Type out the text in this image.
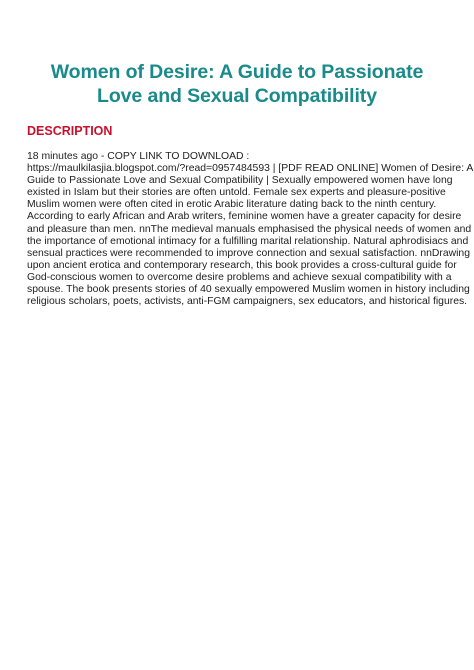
Women of Desire: A Guide to Passionate
Love and Sexual Compatibility
DESCRIPTION
18 minutes ago - COPY LINK TO DOWNLOAD :
https://maulkilasjia.blogspot.com/?read=0957484593 | [PDF READ ONLINE] Women of Desire: A
Guide to Passionate Love and Sexual Compatibility | Sexually empowered women have long
existed in Islam but their stories are often untold. Female sex experts and pleasure-positive
Muslim women were often cited in erotic Arabic literature dating back to the ninth century.
According to early African and Arab writers, feminine women have a greater capacity for desire
and pleasure than men. nnThe medieval manuals emphasised the physical needs of women and
the importance of emotional intimacy for a fulfilling marital relationship. Natural aphrodisiacs and
sensual practices were recommended to improve connection and sexual satisfaction. nnDrawing
upon ancient erotica and contemporary research, this book provides a cross-cultural guide for
God-conscious women to overcome desire problems and achieve sexual compatibility with a
spouse. The book presents stories of 40 sexually empowered Muslim women in history including
religious scholars, poets, activists, anti-FGM campaigners, sex educators, and historical figures.
